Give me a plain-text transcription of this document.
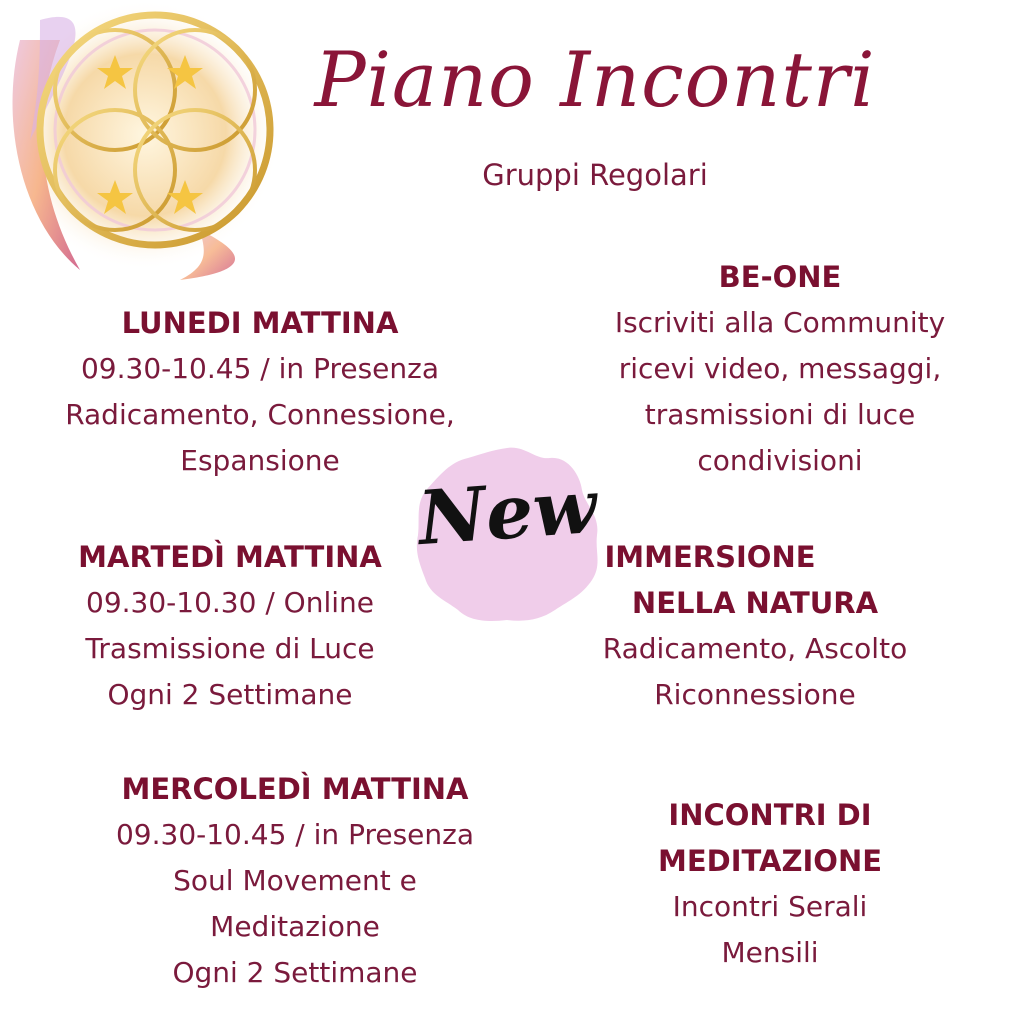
Piano Incontri
Gruppi Regolari
LUNEDI MATTINA
09.30-10.45 / in Presenza
Radicamento, Connessione,
Espansione
MARTEDÌ MATTINA
09.30-10.30 / Online
Trasmissione di Luce
Ogni 2 Settimane
MERCOLEDÌ MATTINA
09.30-10.45 / in Presenza
Soul Movement e
Meditazione
Ogni 2 Settimane
New
BE-ONE
Iscriviti alla Community
ricevi video, messaggi,
trasmissioni di luce
condivisioni
IMMERSIONE
NELLA NATURA
Radicamento, Ascolto
Riconnessione
INCONTRI DI
MEDITAZIONE
Incontri Serali
Mensili
